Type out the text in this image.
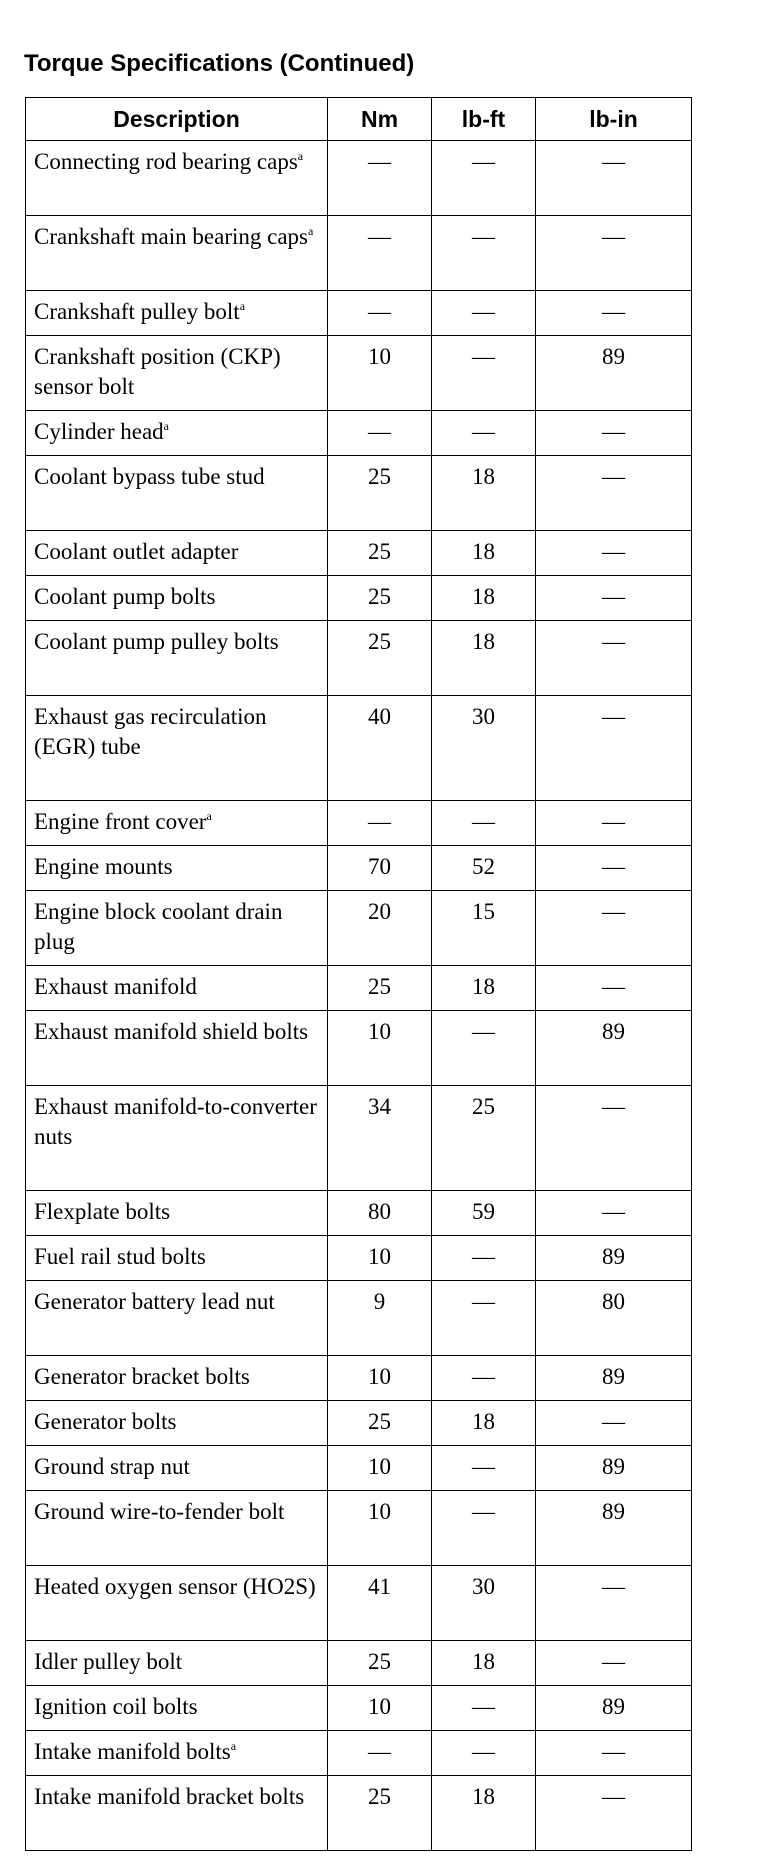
Torque Specifications (Continued)
Description	Nm	lb-ft	lb-in
Connecting rod bearing caps$^a$	—	—	—
Crankshaft main bearing caps$^a$	—	—	—
Crankshaft pulley bolt$^a$	—	—	—
Crankshaft position (CKP) sensor bolt	10	—	89
Cylinder head$^a$	—	—	—
Coolant bypass tube stud	25	18	—
Coolant outlet adapter	25	18	—
Coolant pump bolts	25	18	—
Coolant pump pulley bolts	25	18	—
Exhaust gas recirculation (EGR) tube	40	30	—
Engine front cover$^a$	—	—	—
Engine mounts	70	52	—
Engine block coolant drain plug	20	15	—
Exhaust manifold	25	18	—
Exhaust manifold shield bolts	10	—	89
Exhaust manifold-to-converter nuts	34	25	—
Flexplate bolts	80	59	—
Fuel rail stud bolts	10	—	89
Generator battery lead nut	9	—	80
Generator bracket bolts	10	—	89
Generator bolts	25	18	—
Ground strap nut	10	—	89
Ground wire-to-fender bolt	10	—	89
Heated oxygen sensor (HO2S)	41	30	—
Idler pulley bolt	25	18	—
Ignition coil bolts	10	—	89
Intake manifold bolts$^a$	—	—	—
Intake manifold bracket bolts	25	18	—
